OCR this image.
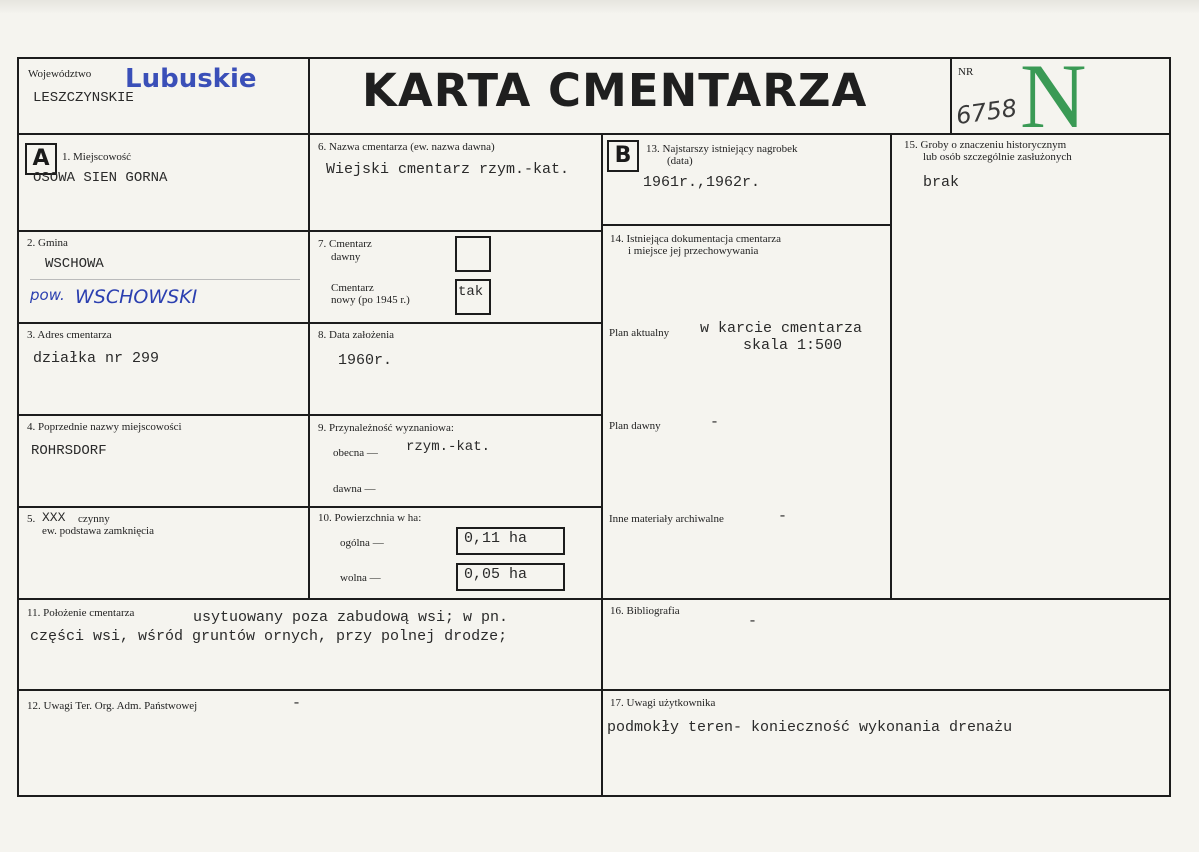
Województwo Lubuskie
LESZCZYNSKIE	KARTA CMENTARZA	NR
6758 N
A	1. Miejscowość
OSOWA SIEN GORNA
2. Gmina
WSCHOWA
pow. WSCHOWSKI
3. Adres cmentarza
działka nr 299
4. Poprzednie nazwy miejscowości
ROHRSDORF
5. XXX czynny
ew. podstawa zamknięcia
6. Nazwa cmentarza (ew. nazwa dawna)
Wiejski cmentarz rzym.-kat.
7. Cmentarz
dawny
Cmentarz
nowy (po 1945 r.)	tak
8. Data założenia
1960r.
9. Przynależność wyznaniowa:
obecna — rzym.-kat.
dawna —
10. Powierzchnia w ha:
ogólna —	0,11 ha
wolna —	0,05 ha
11. Położenie cmentarza	usytuowany poza zabudową wsi; w pn.
części wsi, wśród gruntów ornych, przy polnej drodze;
12. Uwagi Ter. Org. Adm. Państwowej	-
B	13. Najstarszy istniejący nagrobek
(data)
1961r.,1962r.
14. Istniejąca dokumentacja cmentarza
i miejsce jej przechowywania
Plan aktualny w karcie cmentarza
skala 1:500
Plan dawny	-
Inne materiały archiwalne	-
15. Groby o znaczeniu historycznym
lub osób szczególnie zasłużonych
brak
16. Bibliografia
-
17. Uwagi użytkownika
podmokły teren- konieczność wykonania drenażu
